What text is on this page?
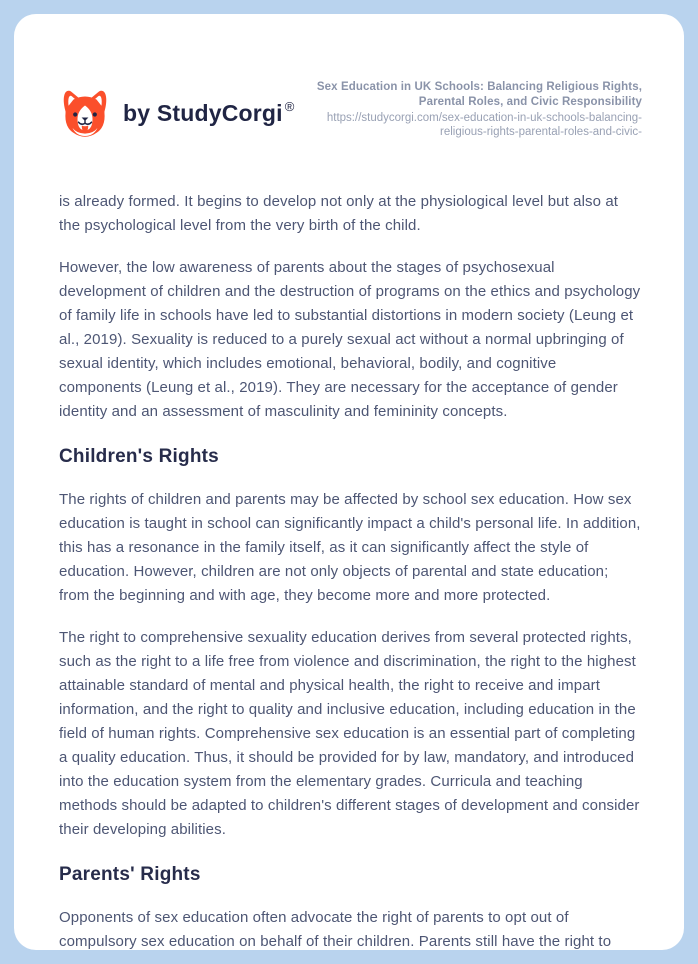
by StudyCorgi ®
Sex Education in UK Schools: Balancing Religious Rights, Parental Roles, and Civic Responsibility
https://studycorgi.com/sex-education-in-uk-schools-balancing-religious-rights-parental-roles-and-civic-

is already formed. It begins to develop not only at the physiological level but also at the psychological level from the very birth of the child.

However, the low awareness of parents about the stages of psychosexual development of children and the destruction of programs on the ethics and psychology of family life in schools have led to substantial distortions in modern society (Leung et al., 2019). Sexuality is reduced to a purely sexual act without a normal upbringing of sexual identity, which includes emotional, behavioral, bodily, and cognitive components (Leung et al., 2019). They are necessary for the acceptance of gender identity and an assessment of masculinity and femininity concepts.

Children's Rights

The rights of children and parents may be affected by school sex education. How sex education is taught in school can significantly impact a child's personal life. In addition, this has a resonance in the family itself, as it can significantly affect the style of education. However, children are not only objects of parental and state education; from the beginning and with age, they become more and more protected.

The right to comprehensive sexuality education derives from several protected rights, such as the right to a life free from violence and discrimination, the right to the highest attainable standard of mental and physical health, the right to receive and impart information, and the right to quality and inclusive education, including education in the field of human rights. Comprehensive sex education is an essential part of completing a quality education. Thus, it should be provided for by law, mandatory, and introduced into the education system from the elementary grades. Curricula and teaching methods should be adapted to children's different stages of development and consider their developing abilities.

Parents' Rights

Opponents of sex education often advocate the right of parents to opt out of compulsory sex education on behalf of their children. Parents still have the right to
